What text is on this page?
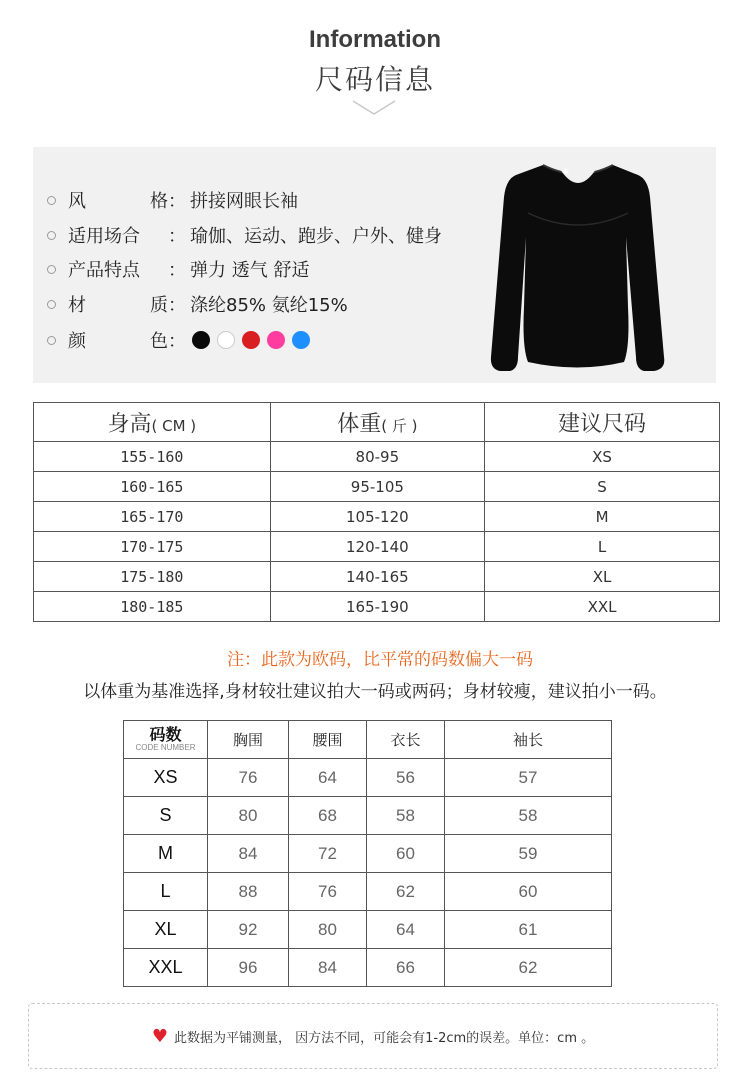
Information
尺码信息
风	格 ： 拼接网眼长袖
适用场合 ： 瑜伽、运动、跑步、户外、健身
产品特点 ： 弹力 透气 舒适
材	质 ： 涤纶85% 氨纶15%
颜	色 ：
身高( CM )	体重( 斤 )	建议尺码
155-160	80-95	XS
160-165	95-105	S
165-170	105-120	M
170-175	120-140	L
175-180	140-165	XL
180-185	165-190	XXL
注：此款为欧码，比平常的码数偏大一码
以体重为基准选择,身材较壮建议拍大一码或两码；身材较瘦，建议拍小一码。
码数
CODE NUMBER	胸围	腰围	衣长	袖长
XS	76	64	56	57
S	80	68	58	58
M	84	72	60	59
L	88	76	62	60
XL	92	80	64	61
XXL	96	84	66	62
♥ 此数据为平铺测量， 因方法不同，可能会有1-2cm的误差。单位：cm 。
